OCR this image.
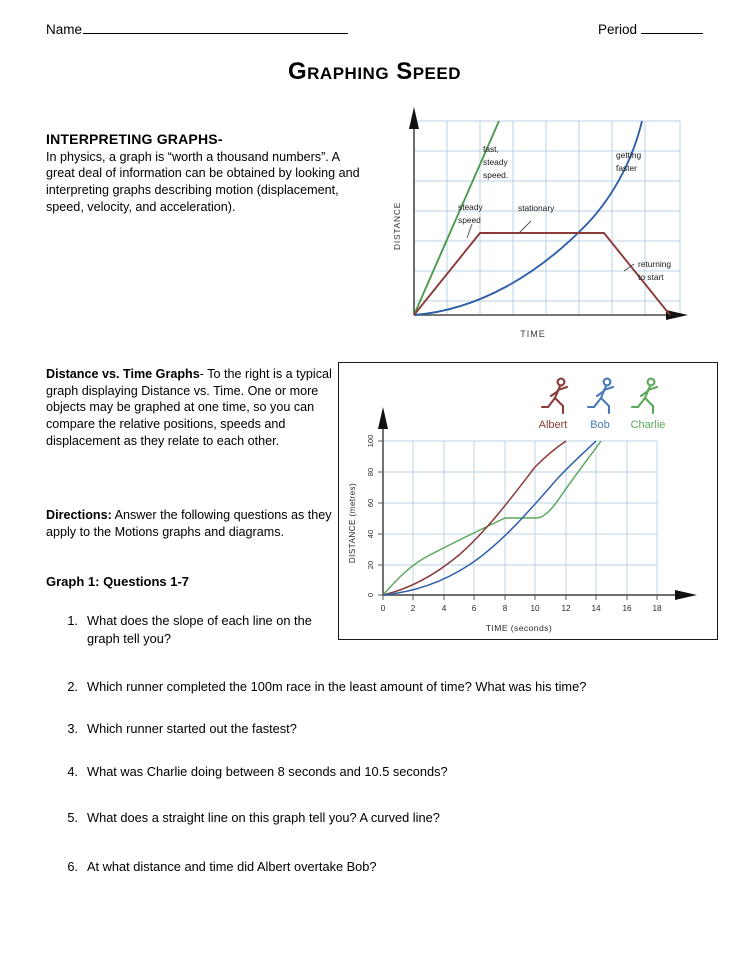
Name	Period
Graphing Speed
INTERPRETING GRAPHS-
In physics, a graph is “worth a thousand numbers”. A great deal of information can be obtained by looking and interpreting graphs describing motion (displacement, speed, velocity, and acceleration).
fast,
steady
speed.
getting
faster
steady
speed
stationary
returning
to start
DISTANCE
TIME
Distance vs. Time Graphs- To the right is a typical graph displaying Distance vs. Time. One or more objects may be graphed at one time, so you can compare the relative positions, speeds and displacement as they relate to each other.
Albert Bob Charlie
100
80
60
40
20
0
0	2	4	6	8	10	12	14	16	18
DISTANCE (metres)
TIME (seconds)
Directions: Answer the following questions as they apply to the Motions graphs and diagrams.
Graph 1: Questions 1-7
1. What does the slope of each line on the graph tell you?
2. Which runner completed the 100m race in the least amount of time? What was his time?
3. Which runner started out the fastest?
4. What was Charlie doing between 8 seconds and 10.5 seconds?
5. What does a straight line on this graph tell you? A curved line?
6. At what distance and time did Albert overtake Bob?
